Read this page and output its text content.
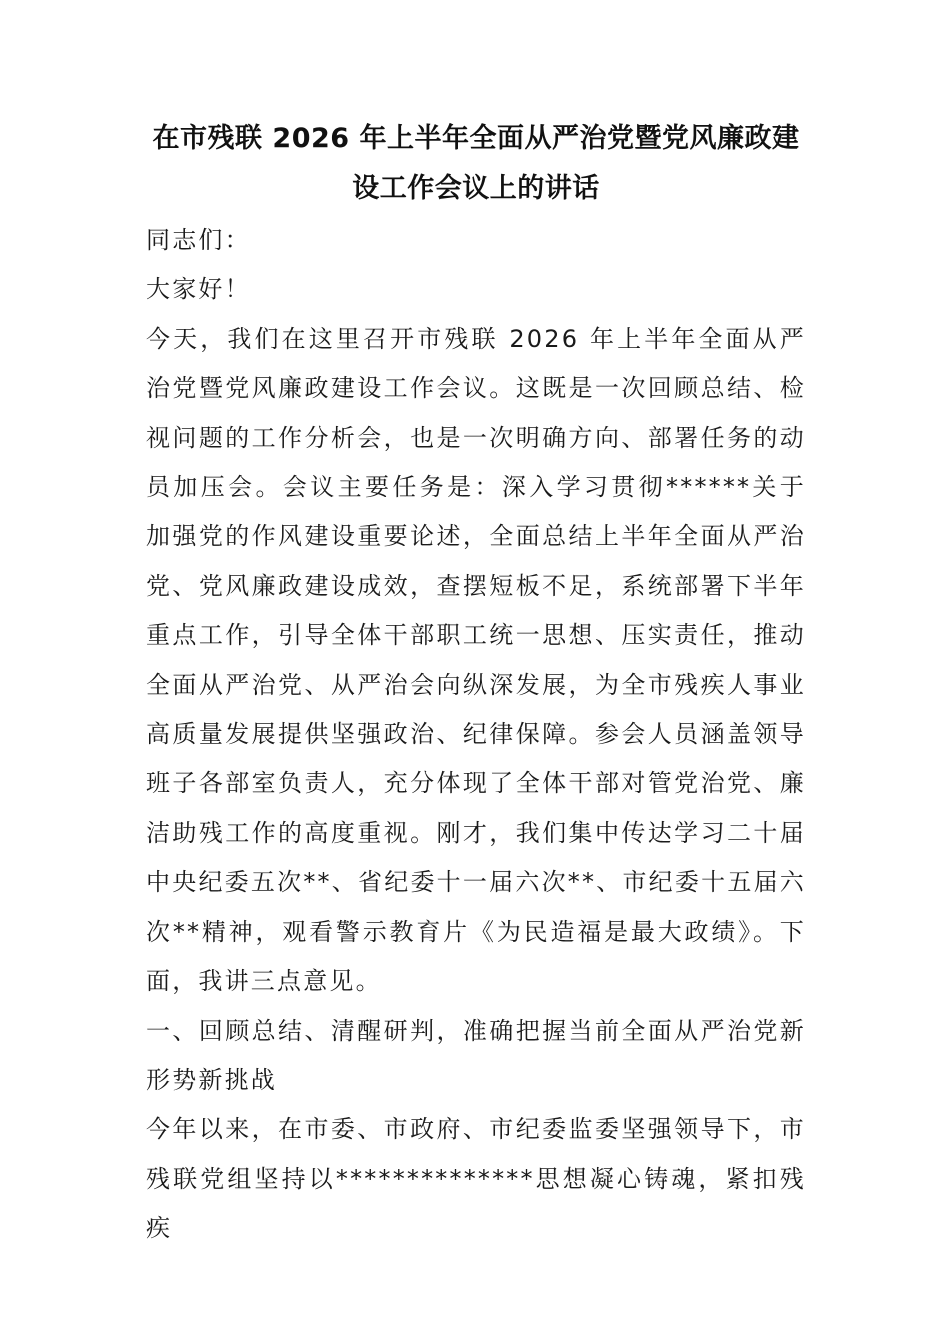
在市残联 2026 年上半年全面从严治党暨党风廉政建设工作会议上的讲话

同志们：

大家好！

今天，我们在这里召开市残联 2026 年上半年全面从严治党暨党风廉政建设工作会议。这既是一次回顾总结、检视问题的工作分析会，也是一次明确方向、部署任务的动员加压会。会议主要任务是：深入学习贯彻******关于加强党的作风建设重要论述，全面总结上半年全面从严治党、党风廉政建设成效，查摆短板不足，系统部署下半年重点工作，引导全体干部职工统一思想、压实责任，推动全面从严治党、从严治会向纵深发展，为全市残疾人事业高质量发展提供坚强政治、纪律保障。参会人员涵盖领导班子各部室负责人，充分体现了全体干部对管党治党、廉洁助残工作的高度重视。刚才，我们集中传达学习二十届中央纪委五次**、省纪委十一届六次**、市纪委十五届六次**精神，观看警示教育片《为民造福是最大政绩》。下面，我讲三点意见。

一、回顾总结、清醒研判，准确把握当前全面从严治党新形势新挑战

今年以来，在市委、市政府、市纪委监委坚强领导下，市残联党组坚持以**************思想凝心铸魂，紧扣残疾
